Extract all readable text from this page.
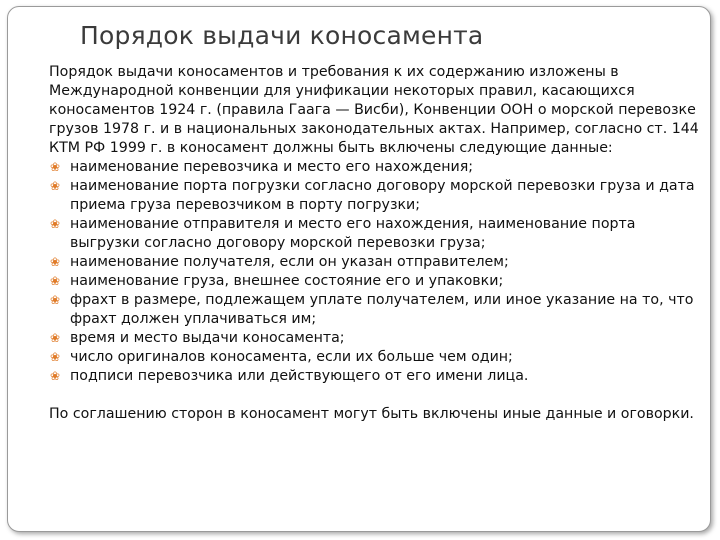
Порядок выдачи коносамента

Порядок выдачи коносаментов и требования к их содержанию изложены в Международной конвенции для унификации некоторых правил, касающихся коносаментов 1924 г. (правила Гаага — Висби), Конвенции ООН о морской перевозке грузов 1978 г. и в национальных законодательных актах. Например, согласно ст. 144 КТМ РФ 1999 г. в коносамент должны быть включены следующие данные:

❀ наименование перевозчика и место его нахождения;
❀ наименование порта погрузки согласно договору морской перевозки груза и дата приема груза перевозчиком в порту погрузки;
❀ наименование отправителя и место его нахождения, наименование порта выгрузки согласно договору морской перевозки груза;
❀ наименование получателя, если он указан отправителем;
❀ наименование груза, внешнее состояние его и упаковки;
❀ фрахт в размере, подлежащем уплате получателем, или иное указание на то, что фрахт должен уплачиваться им;
❀ время и место выдачи коносамента;
❀ число оригиналов коносамента, если их больше чем один;
❀ подписи перевозчика или действующего от его имени лица.

По соглашению сторон в коносамент могут быть включены иные данные и оговорки.
